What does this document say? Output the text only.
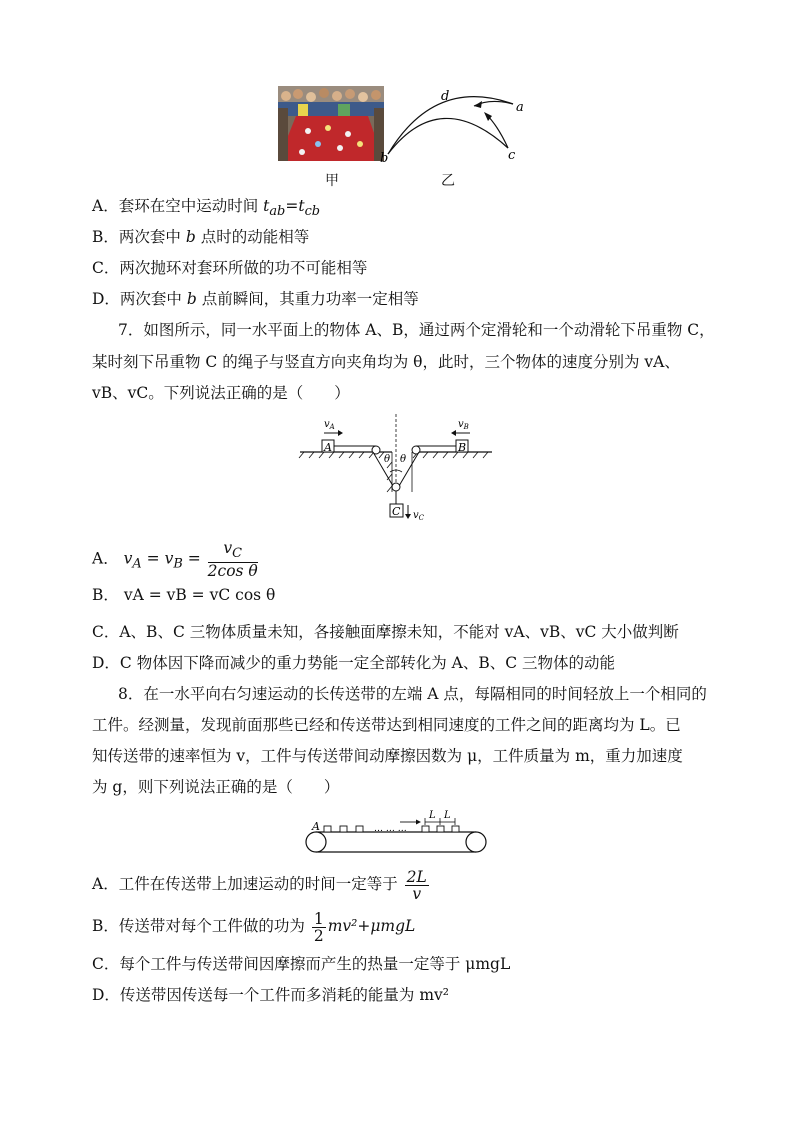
a
b	c
d
甲	乙
A．套环在空中运动时间 $t_{ab}=t_{cb}$
B．两次套中 b 点时的动能相等
C．两次抛环对套环所做的功不可能相等
D．两次套中 b 点前瞬间，其重力功率一定相等
7．如图所示，同一水平面上的物体 A、B，通过两个定滑轮和一个动滑轮下吊重物 C，
某时刻下吊重物 C 的绳子与竖直方向夹角均为 θ，此时，三个物体的速度分别为 vA、
vB、vC。下列说法正确的是（　　）
A	B
θ θ
C $v_C$
$v_A$	$v_B$
A． $v_A = v_B = \frac{v_C}{\text{2cos θ}}$
B． vA = vB = vC cos θ
C．A、B、C 三物体质量未知，各接触面摩擦未知，不能对 vA、vB、vC 大小做判断
D．C 物体因下降而减少的重力势能一定全部转化为 A、B、C 三物体的动能
8．在一水平向右匀速运动的长传送带的左端 A 点，每隔相同的时间轻放上一个相同的
工件。经测量，发现前面那些已经和传送带达到相同速度的工件之间的距离均为 L。已
知传送带的速率恒为 v，工件与传送带间动摩擦因数为 μ，工件质量为 m，重力加速度
为 g，则下列说法正确的是（　　）
A	… … …
L L
A．工件在传送带上加速运动的时间一定等于 $\frac{2L}{v}$
B．传送带对每个工件做的功为 $\frac{1}{2} mv^2+\mu mgL$
C．每个工件与传送带间因摩擦而产生的热量一定等于 μmgL
D．传送带因传送每一个工件而多消耗的能量为 mv²
